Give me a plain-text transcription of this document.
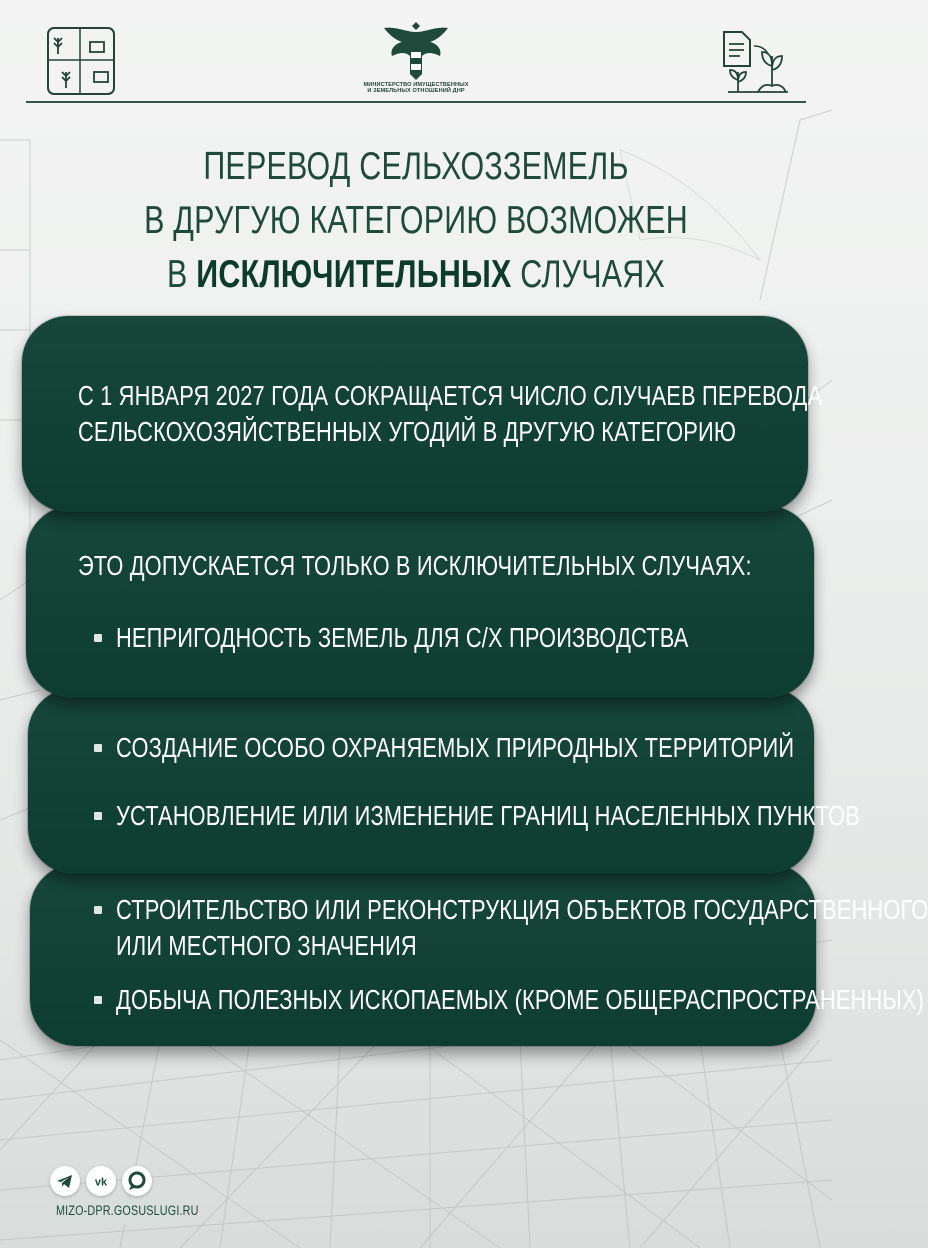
МИНИСТЕРСТВО ИМУЩЕСТВЕННЫХ
И ЗЕМЕЛЬНЫХ ОТНОШЕНИЙ ДНР
ПЕРЕВОД СЕЛЬХОЗЗЕМЕЛЬ
В ДРУГУЮ КАТЕГОРИЮ ВОЗМОЖЕН
В ИСКЛЮЧИТЕЛЬНЫХ СЛУЧАЯХ
С 1 ЯНВАРЯ 2027 ГОДА СОКРАЩАЕТСЯ ЧИСЛО СЛУЧАЕВ ПЕРЕВОДА
СЕЛЬСКОХОЗЯЙСТВЕННЫХ УГОДИЙ В ДРУГУЮ КАТЕГОРИЮ
ЭТО ДОПУСКАЕТСЯ ТОЛЬКО В ИСКЛЮЧИТЕЛЬНЫХ СЛУЧАЯХ:
НЕПРИГОДНОСТЬ ЗЕМЕЛЬ ДЛЯ С/Х ПРОИЗВОДСТВА
СОЗДАНИЕ ОСОБО ОХРАНЯЕМЫХ ПРИРОДНЫХ ТЕРРИТОРИЙ
УСТАНОВЛЕНИЕ ИЛИ ИЗМЕНЕНИЕ ГРАНИЦ НАСЕЛЕННЫХ ПУНКТОВ
СТРОИТЕЛЬСТВО ИЛИ РЕКОНСТРУКЦИЯ ОБЪЕКТОВ ГОСУДАРСТВЕННОГО
ИЛИ МЕСТНОГО ЗНАЧЕНИЯ
ДОБЫЧА ПОЛЕЗНЫХ ИСКОПАЕМЫХ (КРОМЕ ОБЩЕРАСПРОСТРАНЕННЫХ)
vk
MIZO-DPR.GOSUSLUGI.RU
